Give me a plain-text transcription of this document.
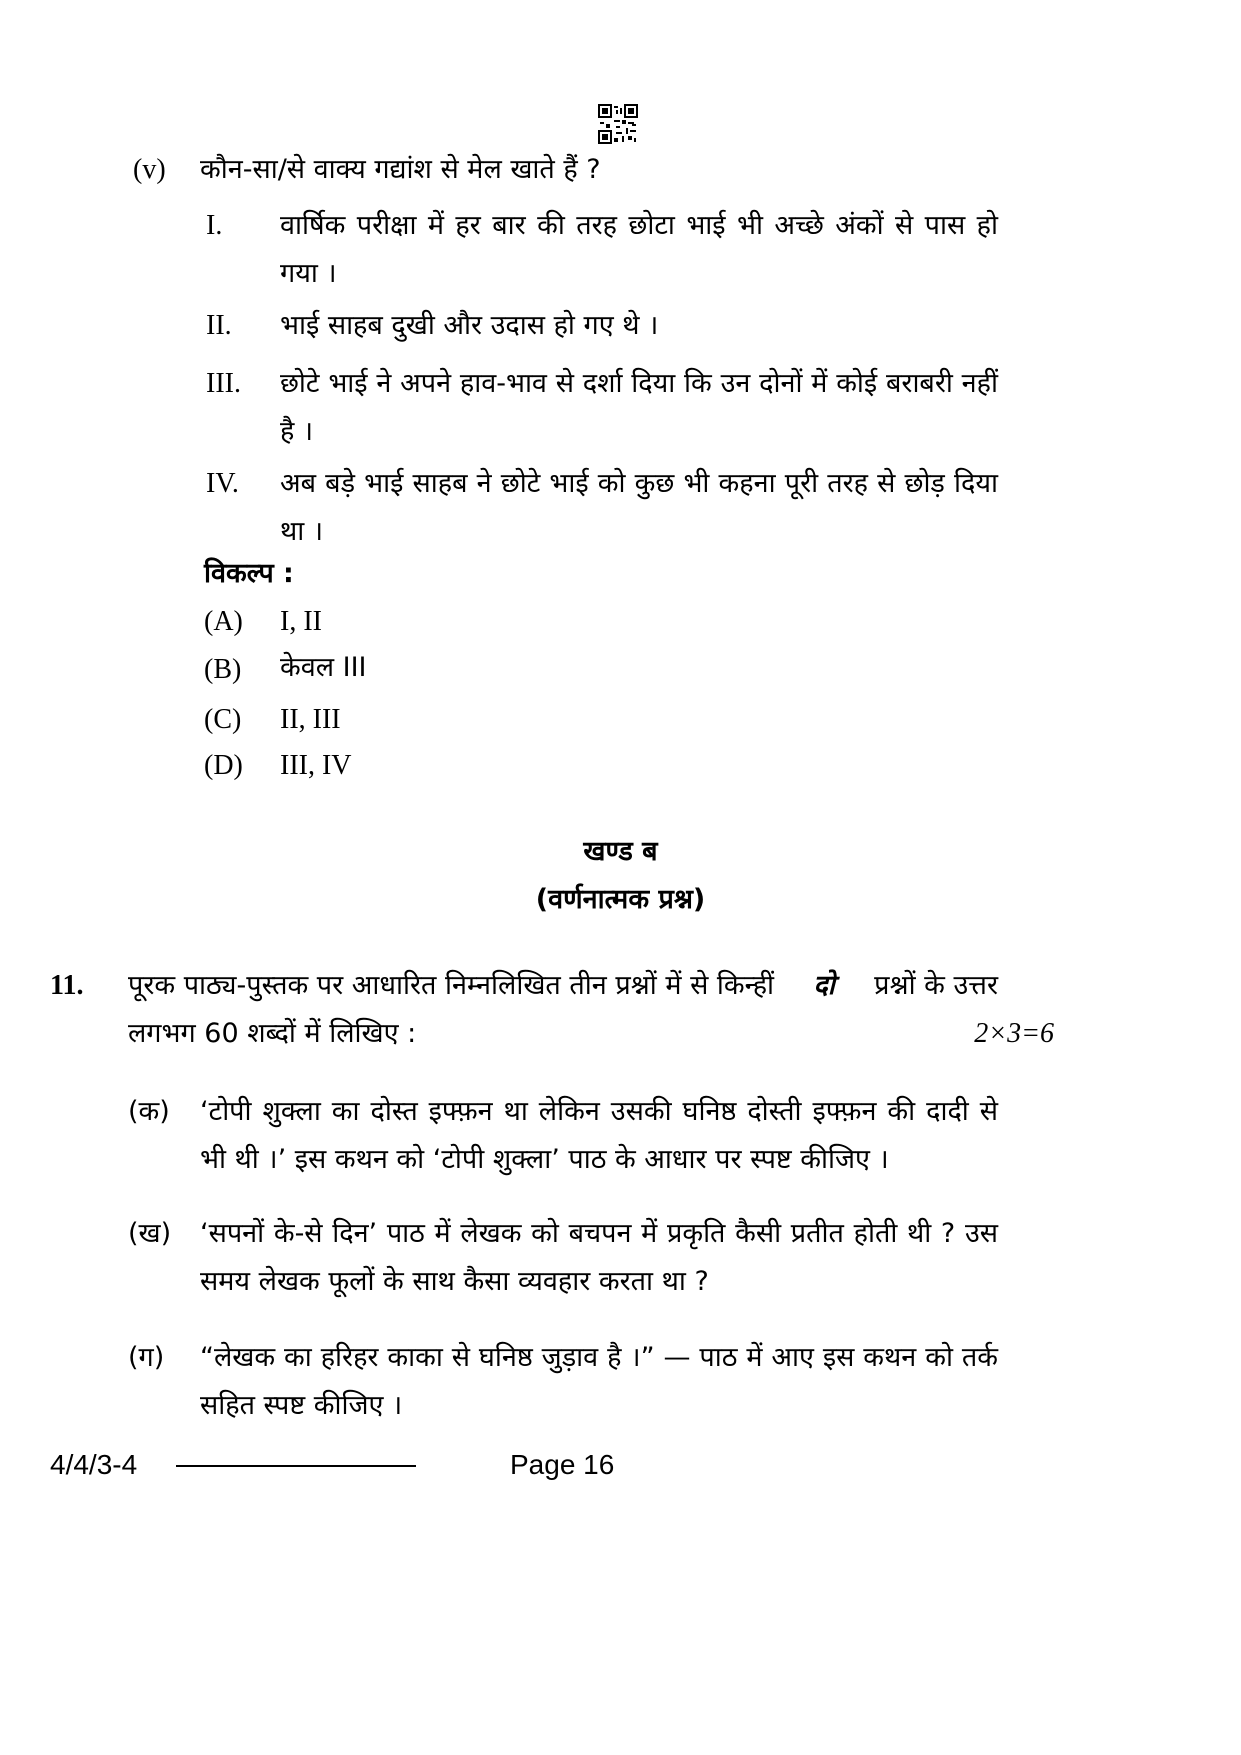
(v) कौन-सा/से वाक्य गद्यांश से मेल खाते हैं ?
I. वार्षिक परीक्षा में हर बार की तरह छोटा भाई भी अच्छे अंकों से पास हो गया ।
II. भाई साहब दुखी और उदास हो गए थे ।
III. छोटे भाई ने अपने हाव-भाव से दर्शा दिया कि उन दोनों में कोई बराबरी नहीं है ।
IV. अब बड़े भाई साहब ने छोटे भाई को कुछ भी कहना पूरी तरह से छोड़ दिया था ।
विकल्प :
(A) I, II
(B) केवल III
(C) II, III
(D) III, IV
खण्ड ब
(वर्णनात्मक प्रश्न)
11. पूरक पाठ्य-पुस्तक पर आधारित निम्नलिखित तीन प्रश्नों में से किन्हीं दो प्रश्नों के उत्तर
लगभग 60 शब्दों में लिखिए :	2×3=6
(क) ‘टोपी शुक्ला का दोस्त इफ्फ़न था लेकिन उसकी घनिष्ठ दोस्ती इफ्फ़न की दादी से भी थी ।’ इस कथन को ‘टोपी शुक्ला’ पाठ के आधार पर स्पष्ट कीजिए ।
(ख) ‘सपनों के-से दिन’ पाठ में लेखक को बचपन में प्रकृति कैसी प्रतीत होती थी ? उस समय लेखक फूलों के साथ कैसा व्यवहार करता था ?
(ग) “लेखक का हरिहर काका से घनिष्ठ जुड़ाव है ।” — पाठ में आए इस कथन को तर्क सहित स्पष्ट कीजिए ।
4/4/3-4	Page 16
